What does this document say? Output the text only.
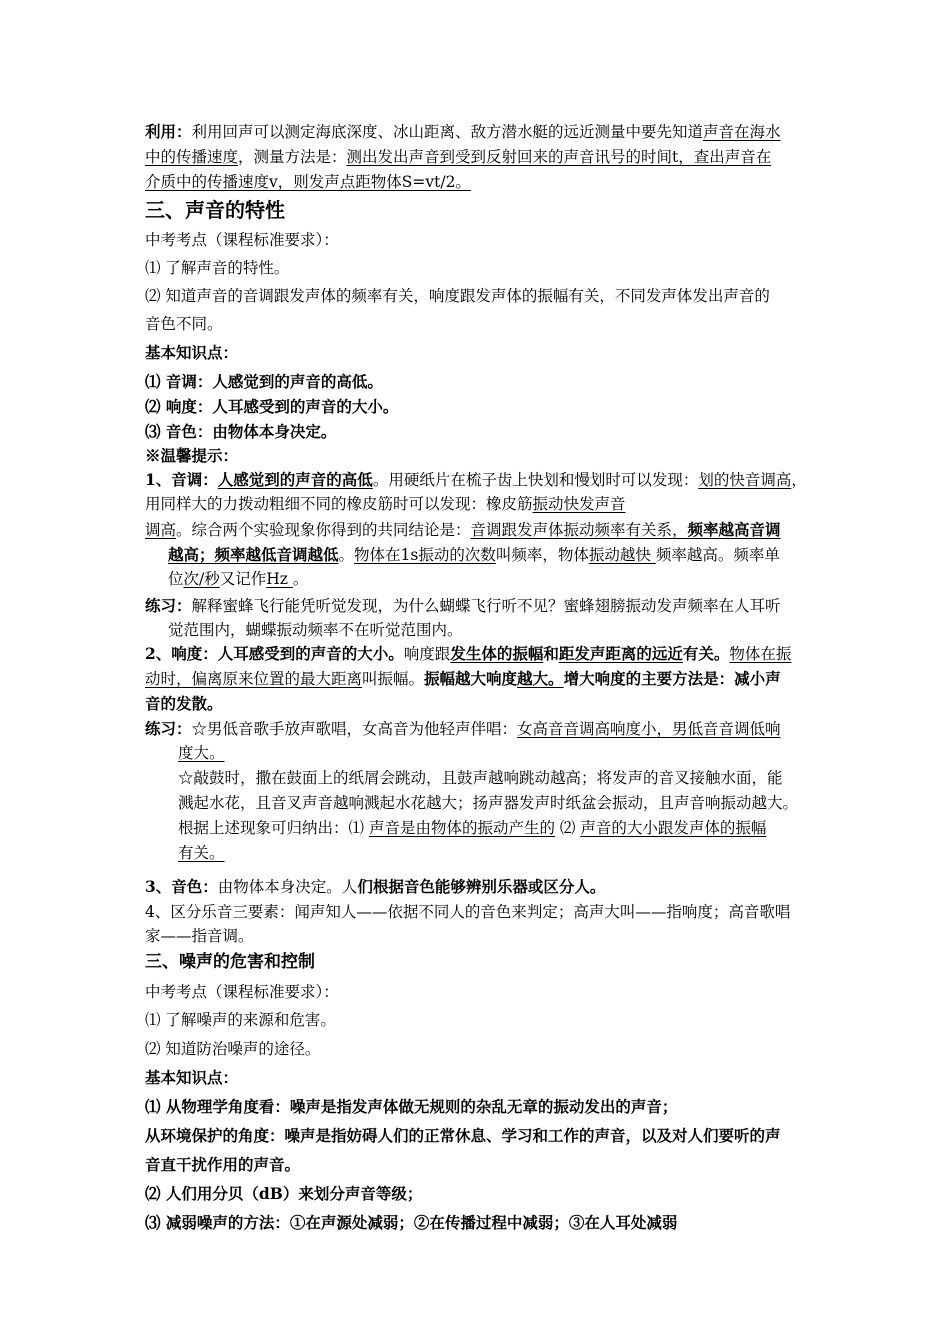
利用：利用回声可以测定海底深度、冰山距离、敌方潜水艇的远近测量中要先知道声音在海水
中的传播速度，测量方法是：测出发出声音到受到反射回来的声音讯号的时间t，查出声音在
介质中的传播速度v，则发声点距物体S=vt/2。
三、声音的特性
中考考点（课程标准要求）：
⑴ 了解声音的特性。
⑵ 知道声音的音调跟发声体的频率有关，响度跟发声体的振幅有关，不同发声体发出声音的
音色不同。
基本知识点：
⑴ 音调：人感觉到的声音的高低。
⑵ 响度：人耳感受到的声音的大小。
⑶ 音色：由物体本身决定。
※温馨提示：
1、音调：人感觉到的声音的高低。用硬纸片在梳子齿上快划和慢划时可以发现：划的快音调高，
用同样大的力拨动粗细不同的橡皮筋时可以发现：橡皮筋振动快发声音
调高。综合两个实验现象你得到的共同结论是：音调跟发声体振动频率有关系，频率越高音调
越高；频率越低音调越低。物体在1s振动的次数叫频率，物体振动越快 频率越高。频率单
位次/秒又记作Hz 。
练习：解释蜜蜂飞行能凭听觉发现，为什么蝴蝶飞行听不见？蜜蜂翅膀振动发声频率在人耳听
觉范围内，蝴蝶振动频率不在听觉范围内。
2、响度：人耳感受到的声音的大小。响度跟发生体的振幅和距发声距离的远近有关。物体在振
动时，偏离原来位置的最大距离叫振幅。振幅越大响度越大。增大响度的主要方法是：减小声
音的发散。
练习：☆男低音歌手放声歌唱，女高音为他轻声伴唱：女高音音调高响度小，男低音音调低响
度大。
☆敲鼓时，撒在鼓面上的纸屑会跳动，且鼓声越响跳动越高；将发声的音叉接触水面，能
溅起水花，且音叉声音越响溅起水花越大；扬声器发声时纸盆会振动，且声音响振动越大。
根据上述现象可归纳出：⑴ 声音是由物体的振动产生的 ⑵ 声音的大小跟发声体的振幅
有关。
3、音色：由物体本身决定。人们根据音色能够辨别乐器或区分人。
4、区分乐音三要素：闻声知人——依据不同人的音色来判定；高声大叫——指响度；高音歌唱
家——指音调。
三、噪声的危害和控制
中考考点（课程标准要求）：
⑴ 了解噪声的来源和危害。
⑵ 知道防治噪声的途径。
基本知识点：
⑴ 从物理学角度看：噪声是指发声体做无规则的杂乱无章的振动发出的声音；
从环境保护的角度：噪声是指妨碍人们的正常休息、学习和工作的声音，以及对人们要听的声
音直干扰作用的声音。
⑵ 人们用分贝（dB）来划分声音等级；
⑶ 减弱噪声的方法：①在声源处减弱；②在传播过程中减弱；③在人耳处减弱
